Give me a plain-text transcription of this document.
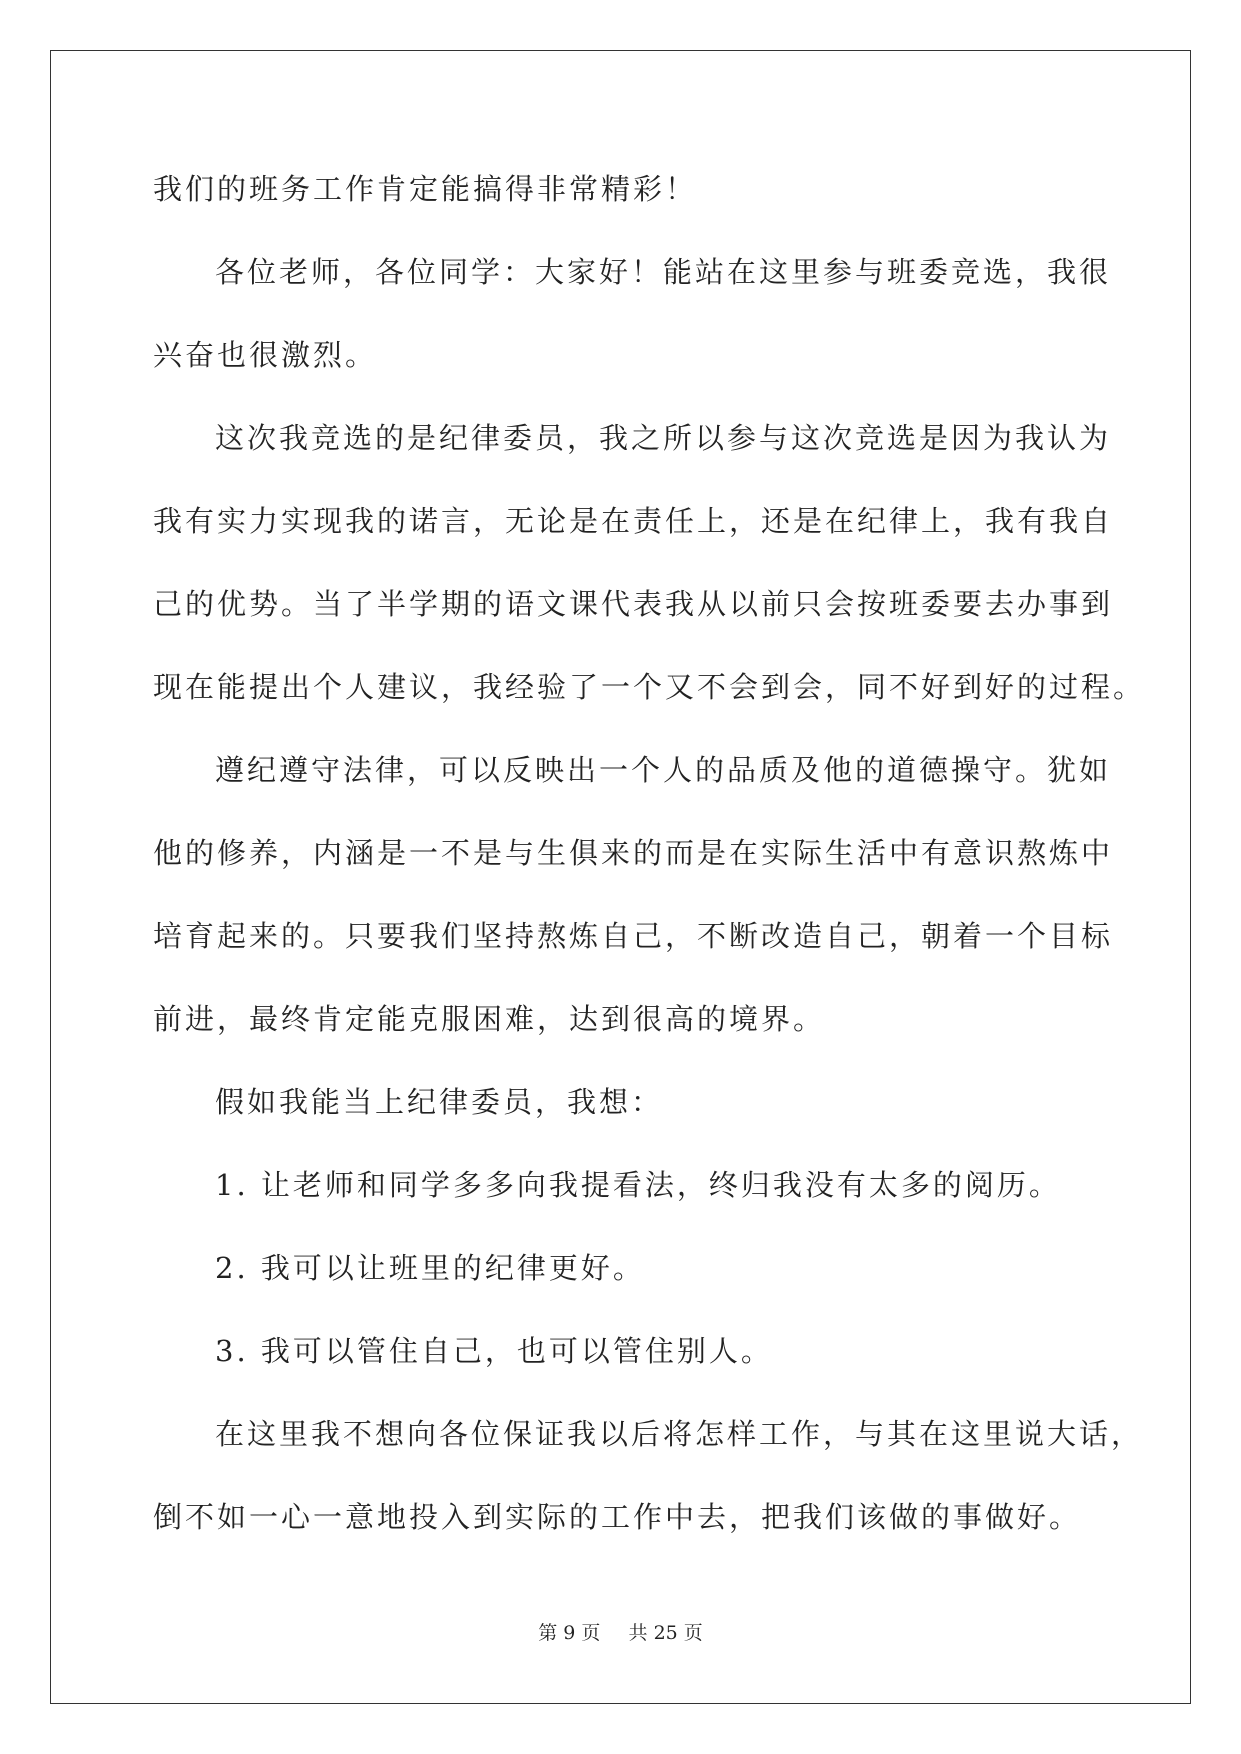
我们的班务工作肯定能搞得非常精彩！
各位老师，各位同学：大家好！能站在这里参与班委竞选，我很
兴奋也很激烈。
这次我竞选的是纪律委员，我之所以参与这次竞选是因为我认为
我有实力实现我的诺言，无论是在责任上，还是在纪律上，我有我自
己的优势。当了半学期的语文课代表我从以前只会按班委要去办事到
现在能提出个人建议，我经验了一个又不会到会，同不好到好的过程。
遵纪遵守法律，可以反映出一个人的品质及他的道德操守。犹如
他的修养，内涵是一不是与生俱来的而是在实际生活中有意识熬炼中
培育起来的。只要我们坚持熬炼自己，不断改造自己，朝着一个目标
前进，最终肯定能克服困难，达到很高的境界。
假如我能当上纪律委员，我想：
1. 让老师和同学多多向我提看法，终归我没有太多的阅历。
2. 我可以让班里的纪律更好。
3. 我可以管住自己，也可以管住别人。
在这里我不想向各位保证我以后将怎样工作，与其在这里说大话，
倒不如一心一意地投入到实际的工作中去，把我们该做的事做好。
第 9 页 共 25 页
